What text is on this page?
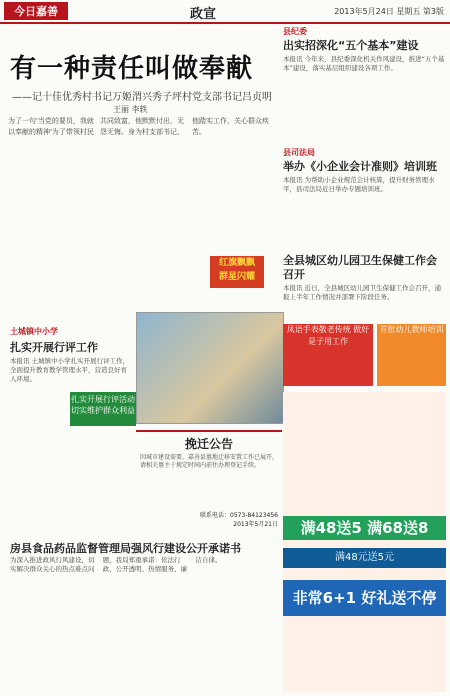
今日嘉善	政宣	2013年5月24日 星期五 第3版
有一种责任叫做奉献
——记十佳优秀村书记万姬渭兴秀子坪村党支部书记吕贞明
王丽 李轶
为了一句'当党的要员，我就以奉献的精神'为了带领村民共同致富，他默默付出，无怨无悔。身为村支部书记，他踏实工作，关心群众疾苦。
红旗飘飘
群星闪耀
县纪委
出实招深化“五个基本”建设
本报讯 今年来，县纪委深化机关作风建设，推进“五个基本”建设，落实基层组织建设各项工作。
县司法局
举办《小企业会计准则》培训班
本报讯 为帮助小企业规范会计核算，提升财务管理水平，县司法局近日举办专题培训班。
全县城区幼儿园卫生保健工作会召开
本报讯 近日，全县城区幼儿园卫生保健工作会召开，通报上半年工作情况并部署下阶段任务。
土城镇中小学
扎实开展行评工作
本报讯 土城镇中小学扎实开展行评工作，全面提升教育教学管理水平，营造良好育人环境。
扎实开展行评活动
切实维护群众利益
挽迁公告
因城市建设需要，嘉善县墓地迁移安置工作已展开，请相关墓主于规定时间内前往办理登记手续。
联系电话：0573-84123456
2013年5月21日
房县食品药品监督管理局强风行建设公开承诺书
为深入推进政风行风建设，切实解决群众关心的热点难点问题，我局郑重承诺：依法行政、公开透明、热情服务、廉洁自律。
凤语手表敬老传统 做好是子用工作
首批幼儿教师培训
满48送5 满68送8
满48元送5元
非常6+1 好礼送不停
